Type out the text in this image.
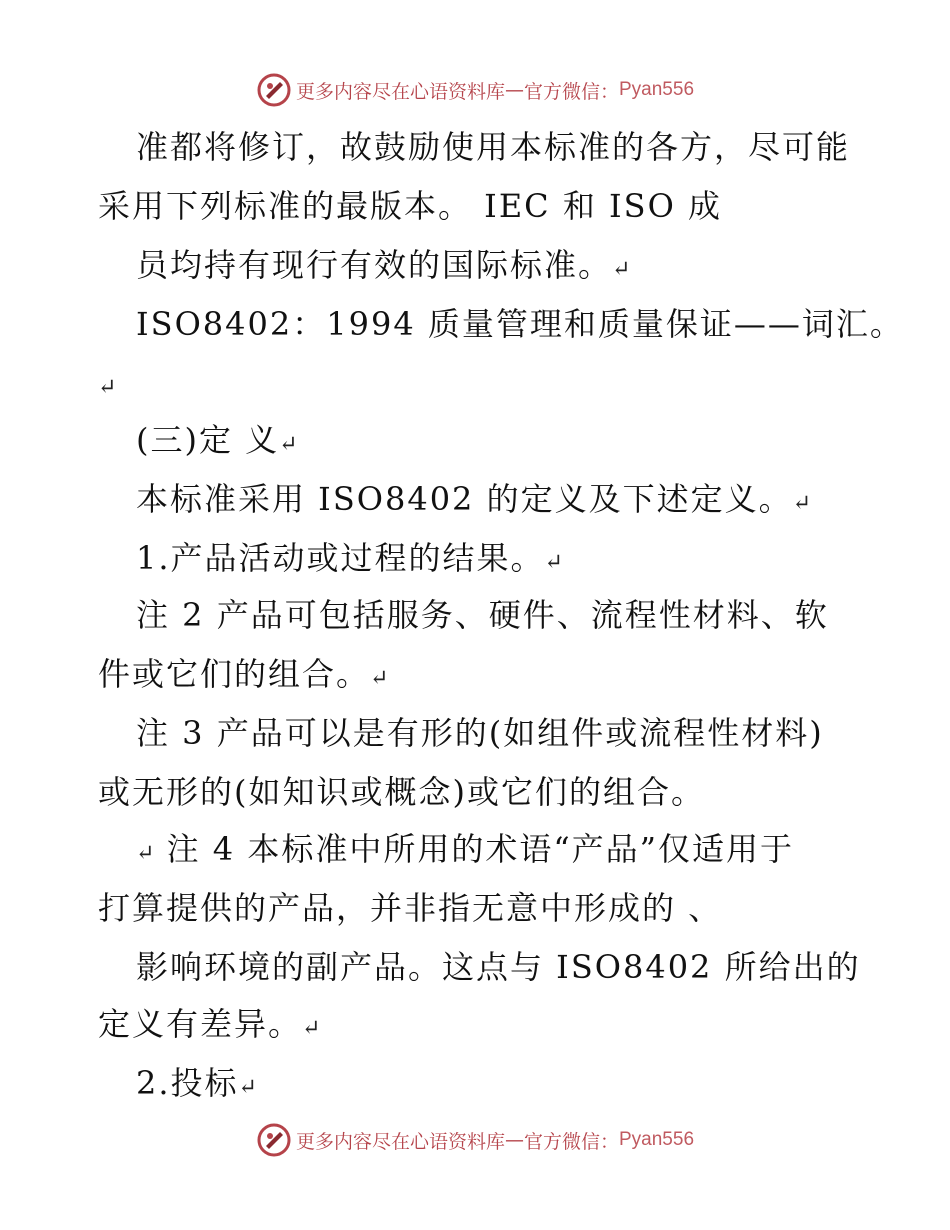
更多内容尽在心语资料库 — 官方微信： Pyan556
准都将修订，故鼓励使用本标准的各方，尽可能
采用下列标准的最版本。 IEC 和 ISO 成
员均持有现行有效的国际标准。↵
ISO8402：1994 质量管理和质量保证——词汇。
↵
(三)定 义↵
本标准采用 ISO8402 的定义及下述定义。↵
1.产品活动或过程的结果。↵
注 2 产品可包括服务、硬件、流程性材料、软
件或它们的组合。↵
注 3 产品可以是有形的(如组件或流程性材料)
或无形的(如知识或概念)或它们的组合。
↵ 注 4 本标准中所用的术语“产品”仅适用于
打算提供的产品，并非指无意中形成的 、
影响环境的副产品。这点与 ISO8402 所给出的
定义有差异。↵
2.投标↵
更多内容尽在心语资料库 — 官方微信： Pyan556
